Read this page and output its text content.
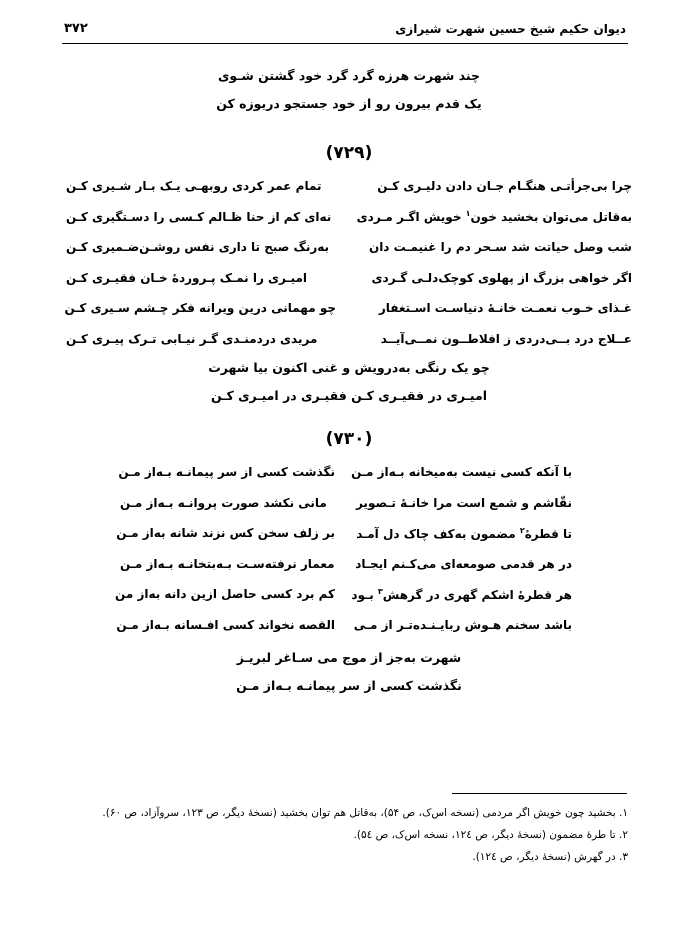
دیوان حکیم شیخ حسین شهرت شیرازی
۳۷۲
چند شهرت هرزه گرد گرد خود گشتن شـوی
یک قدم بیرون رو از خود جستجو دریوزه کن
(۷۲۹)
چرا بی‌جرأتـی هنگـام جـان دادن دلیـری کـن
تمام عمر کردی روبهـی یـک بـار شـیری کـن
به‌قاتل می‌توان بخشید خون$^۱$ خویش اگـر مـردی
نه‌ای کم از حنا ظـالم کـسی را دسـتگیری کـن
شب وصل حیاتت شد سـحر دم را غنیمـت دان
به‌رنگ صبح تا داری نفس روشـن‌ضـمیری کـن
اگر خواهی بزرگ از پهلوی کوچک‌دلـی گـردی
امیـری را نمـک پـروردهٔ خـان فقیـری کـن
غـذای خـوب نعمـت خانـهٔ دنیاسـت اسـتغفار
چو مهمانی درین ویرانه فکر چـشم سـیری کـن
عــلاج درد بــی‌دردی ز افلاطــون نمــی‌آیــد
مریدی دردمنـدی گـر نیـابی تـرک پیـری کـن
چو یک رنگی به‌درویش و غنی اکنون بیا شهرت
امیـری در فقیـری کـن فقیـری در امیـری کـن
(۷۳۰)
با آنکه کسی نیست به‌میخانه بـه‌از مـن
نگذشت کسی از سر پیمانـه بـه‌از مـن
نقّاشم و شمع است مرا خانـهٔ تـصویر
مانی نکشد صورت پروانـه بـه‌از مـن
تا قطرهٔ$^۲$ مضمون به‌کف چاک دل آمـد
بر زلف سخن کس نزند شانه به‌از مـن
در هر قدمی صومعه‌ای می‌کـنم ایجـاد
معمار نرفته‌سـت بـه‌بتخانـه بـه‌از مـن
هر قطرهٔ اشکم گهری در گرهش$^۳$ بـود
کم برد کسی حاصل ازین دانه به‌از من
باشد سخنم هـوش ربایـنـده‌تـر از مـی
القصه نخواند کسی افـسانه بـه‌از مـن
شهرت به‌جز از موج می سـاغر لبریـز
نگذشت کسی از سر پیمانـه بـه‌از مـن
۱. بخشید چون خویش اگر مردمی (نسخه اس‌ک، ص ۵۴)، به‌قاتل هم توان بخشید (نسخهٔ دیگر، ص ۱۲۳، سروآزاد، ص ۶۰).
۲. تا طرهٔ مضمون (نسخهٔ دیگر، ص ۱۲٤، نسخه اس‌ک، ص ۵٤).
۳. در گهرش (نسخهٔ دیگر، ص ۱۲٤).
